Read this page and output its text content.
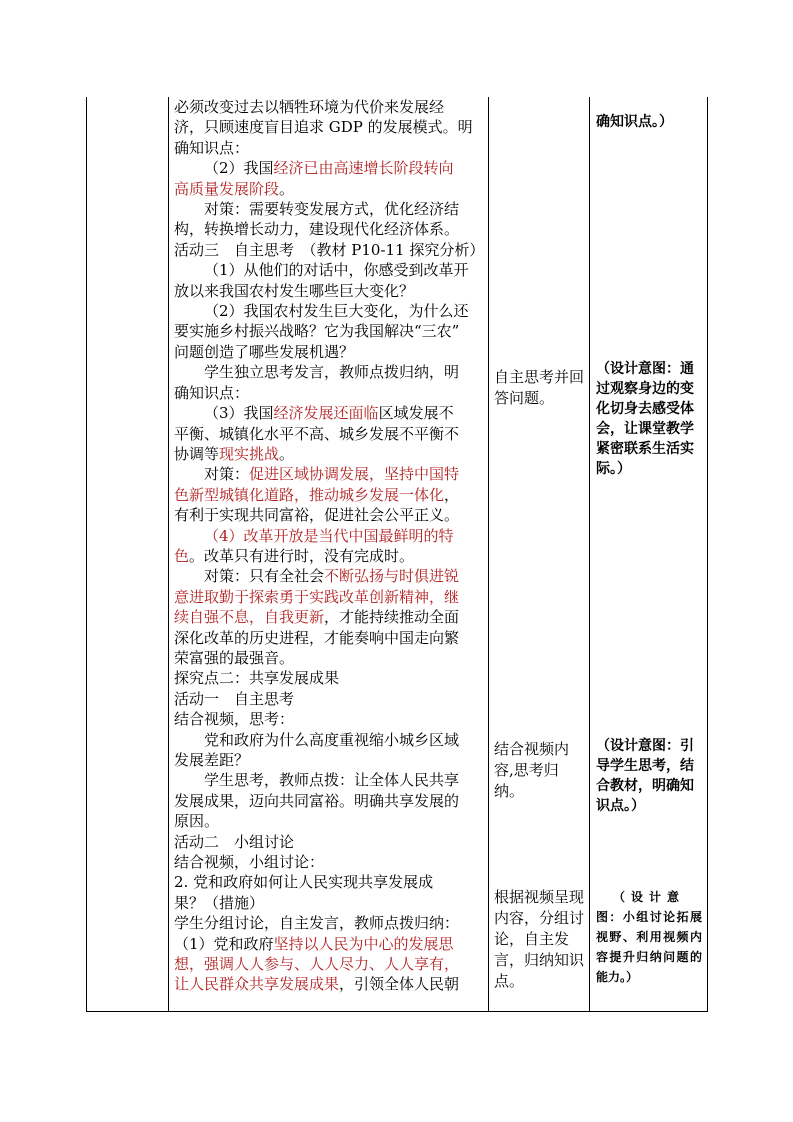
必须改变过去以牺牲环境为代价来发展经

济，只顾速度盲目追求 GDP 的发展模式。明

确知识点：

（2）我国经济已由高速增长阶段转向

高质量发展阶段。

对策：需要转变发展方式，优化经济结

构，转换增长动力，建设现代化经济体系。

活动三　自主思考　（教材 P10-11 探究分析）

（1）从他们的对话中，你感受到改革开

放以来我国农村发生哪些巨大变化？

（2）我国农村发生巨大变化，为什么还

要实施乡村振兴战略？它为我国解决“三农”

问题创造了哪些发展机遇？

学生独立思考发言，教师点拨归纳，明

确知识点：

（3）我国经济发展还面临区域发展不

平衡、城镇化水平不高、城乡发展不平衡不

协调等现实挑战。

对策：促进区域协调发展，坚持中国特

色新型城镇化道路，推动城乡发展一体化，

有利于实现共同富裕，促进社会公平正义。

（4）改革开放是当代中国最鲜明的特

色。改革只有进行时，没有完成时。

对策：只有全社会不断弘扬与时俱进锐

意进取勤于探索勇于实践改革创新精神，继

续自强不息，自我更新，才能持续推动全面

深化改革的历史进程，才能奏响中国走向繁

荣富强的最强音。

探究点二：共享发展成果

活动一　自主思考

结合视频，思考：

党和政府为什么高度重视缩小城乡区域

发展差距？

学生思考，教师点拨：让全体人民共享

发展成果，迈向共同富裕。明确共享发展的

原因。

活动二　小组讨论

结合视频，小组讨论：

2. 党和政府如何让人民实现共享发展成

果？（措施）

学生分组讨论，自主发言，教师点拨归纳：

（1）党和政府坚持以人民为中心的发展思

想，强调人人参与、人人尽力、人人享有，

让人民群众共享发展成果，引领全体人民朝

自主思考并回答问题。

结合视频内容,思考归纳。

根据视频呈现内容，分组讨论，自主发言，归纳知识点。

确知识点。）

（设计意图：通过观察身边的变化切身去感受体会，让课堂教学紧密联系生活实际。）

（设计意图：引导学生思考，结合教材，明确知识点。）

（设计意

图：小组讨论拓展视野、利用视频内容提升归纳问题的能力。）
